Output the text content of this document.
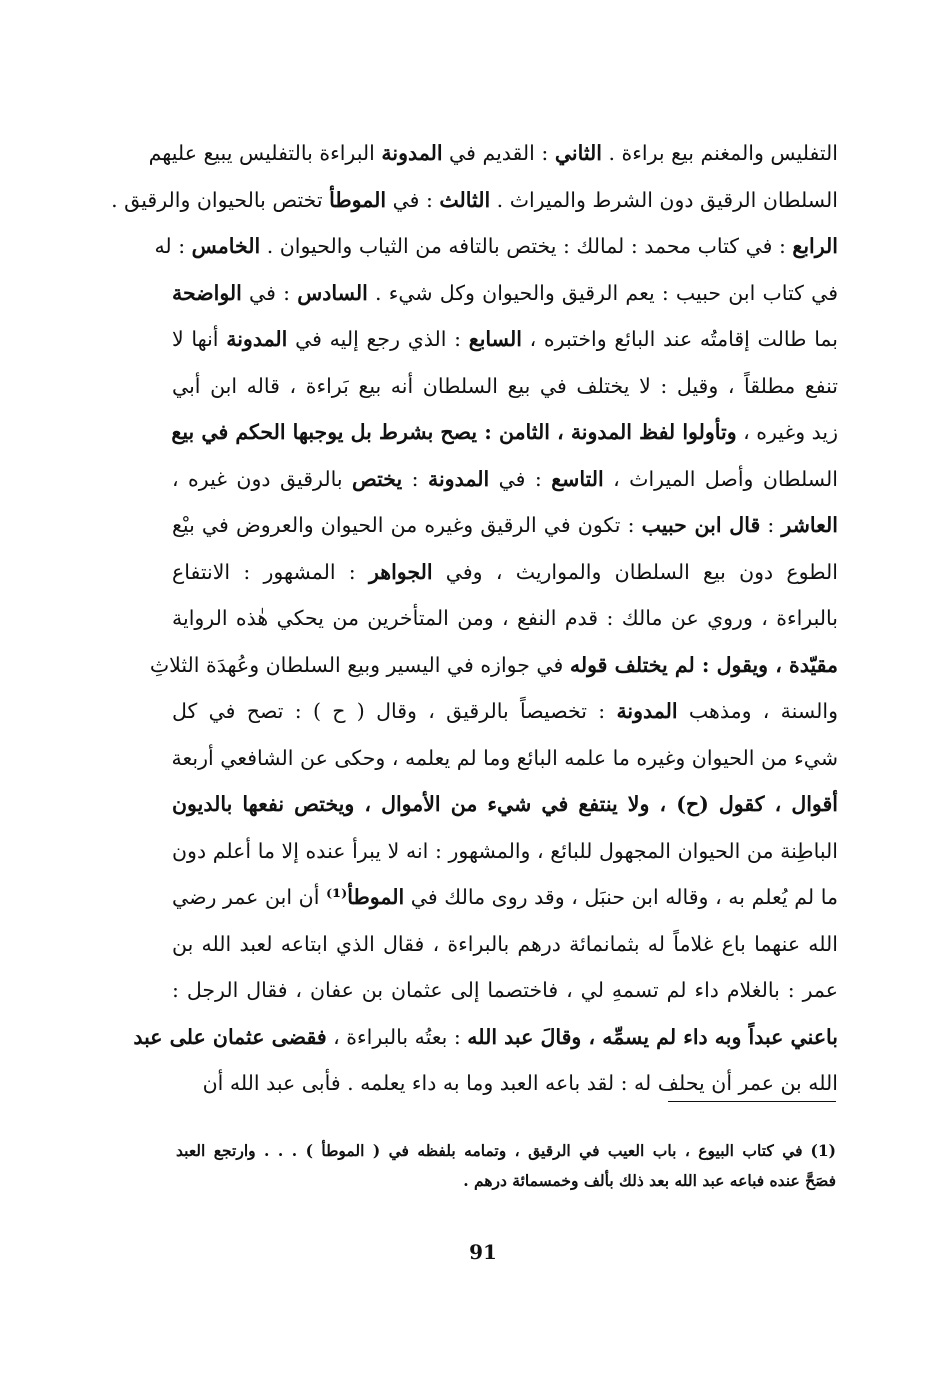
التفليس والمغنم بيع براءة . الثاني : القديم في المدونة البراءة بالتفليس يبيع عليهم
السلطان الرقيق دون الشرط والميراث . الثالث : في الموطأ تختص بالحيوان والرقيق .
الرابع : في كتاب محمد : لمالك : يختص بالتافه من الثياب والحيوان . الخامس : له
في كتاب ابن حبيب : يعم الرقيق والحيوان وكل شيء . السادس : في الواضحة
بما طالت إقامتُه عند البائع واختبره ، السابع : الذي رجع إليه في المدونة أنها لا
تنفع مطلقاً ، وقيل : لا يختلف في بيع السلطان أنه بيع بَراءة ، قاله ابن أبي
زيد وغيره ، وتأولوا لفظ المدونة ، الثامن : يصح بشرط بل يوجبها الحكم في بيع
السلطان وأصل الميراث ، التاسع : في المدونة : يختص بالرقيق دون غيره ،
العاشر : قال ابن حبيب : تكون في الرقيق وغيره من الحيوان والعروض في بيْع
الطوع دون بيع السلطان والمواريث ، وفي الجواهر : المشهور : الانتفاع
بالبراءة ، وروي عن مالك : قدم النفع ، ومن المتأخرين من يحكي هٰذه الرواية
مقيّدة ، ويقول : لم يختلف قوله في جوازه في اليسير وبيع السلطان وعُهدَة الثلاثِ
والسنة ، ومذهب المدونة : تخصيصاً بالرقيق ، وقال ( ح ) : تصح في كل
شيء من الحيوان وغيره ما علمه البائع وما لم يعلمه ، وحكى عن الشافعي أربعة
أقوال ، كقول (ح) ، ولا ينتفع في شيء من الأموال ، ويختص نفعها بالديون
الباطِنة من الحيوان المجهول للبائع ، والمشهور : انه لا يبرأ عنده إلا ما أعلم دون
ما لم يُعلم به ، وقاله ابن حنبَل ، وقد روى مالك في الموطأ⁽¹⁾ أن ابن عمر رضي
الله عنهما باع غلاماً له بثمانمائة درهم بالبراءة ، فقال الذي ابتاعه لعبد الله بن
عمر : بالغلام داء لم تسمهِ لي ، فاختصما إلى عثمان بن عفان ، فقال الرجل :
باعني عبداً وبه داء لم يسمِّه ، وقالَ عبد الله : بعتُه بالبراءة ، فقضى عثمان على عبد
الله بن عمر أن يحلف له : لقد باعه العبد وما به داء يعلمه . فأبى عبد الله أن
(1) في كتاب البيوع ، باب العيب في الرقيق ، وتمامه بلفظه في ( الموطأ ) . . . وارتجع العبد
فصَحَّ عنده فباعه عبد الله بعد ذلك بألف وخمسمائة درهم .
91
